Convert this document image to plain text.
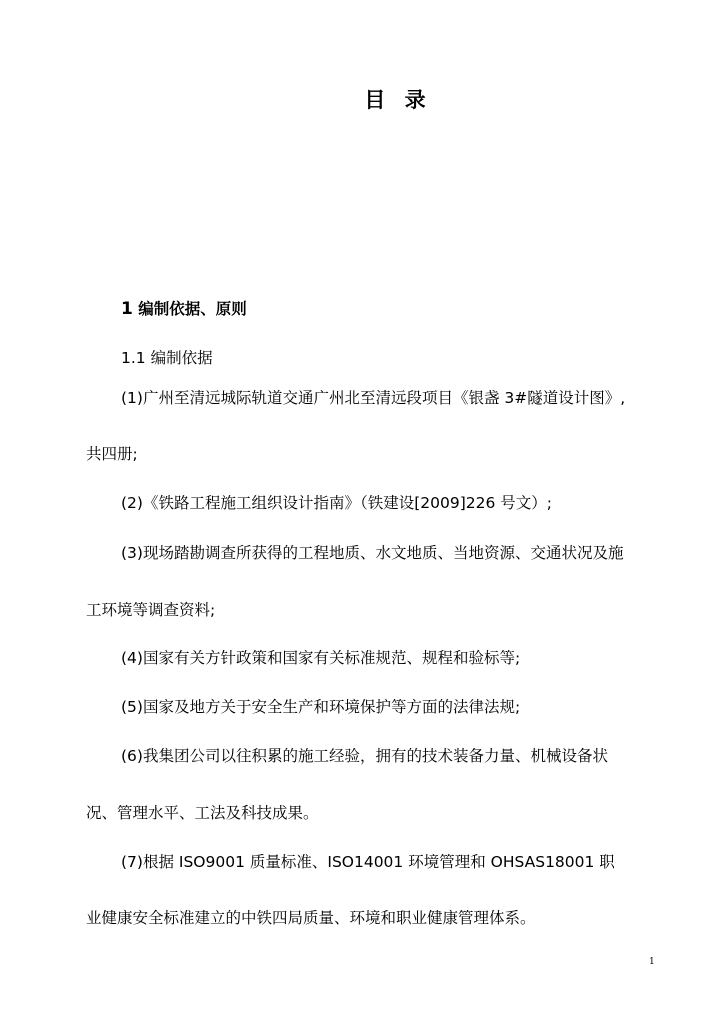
目 录
1 编制依据、原则
1.1 编制依据
(1)广州至清远城际轨道交通广州北至清远段项目《银盏 3#隧道设计图》,
共四册;
(2)《铁路工程施工组织设计指南》（铁建设[2009]226 号文）;
(3)现场踏勘调查所获得的工程地质、水文地质、当地资源、交通状况及施
工环境等调查资料;
(4)国家有关方针政策和国家有关标准规范、规程和验标等;
(5)国家及地方关于安全生产和环境保护等方面的法律法规;
(6)我集团公司以往积累的施工经验，拥有的技术装备力量、机械设备状
况、管理水平、工法及科技成果。
(7)根据 ISO9001 质量标准、ISO14001 环境管理和 OHSAS18001 职
业健康安全标准建立的中铁四局质量、环境和职业健康管理体系。
1
